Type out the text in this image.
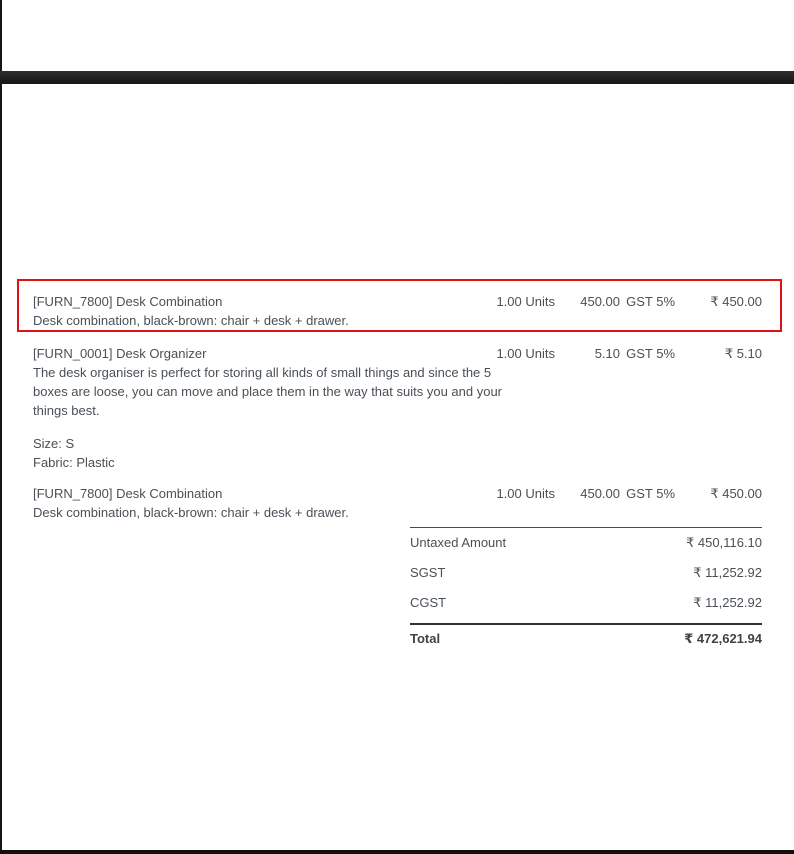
[FURN_7800] Desk Combination	1.00 Units 450.00 GST 5%	₹ 450.00
Desk combination, black-brown: chair + desk + drawer.
[FURN_0001] Desk Organizer	1.00 Units	5.10 GST 5%	₹ 5.10
The desk organiser is perfect for storing all kinds of small things and since the 5
boxes are loose, you can move and place them in the way that suits you and your
things best.
Size: S
Fabric: Plastic
[FURN_7800] Desk Combination	1.00 Units 450.00 GST 5%	₹ 450.00
Desk combination, black-brown: chair + desk + drawer.
Untaxed Amount	₹ 450,116.10
SGST	₹ 11,252.92
CGST	₹ 11,252.92
Total	₹ 472,621.94
